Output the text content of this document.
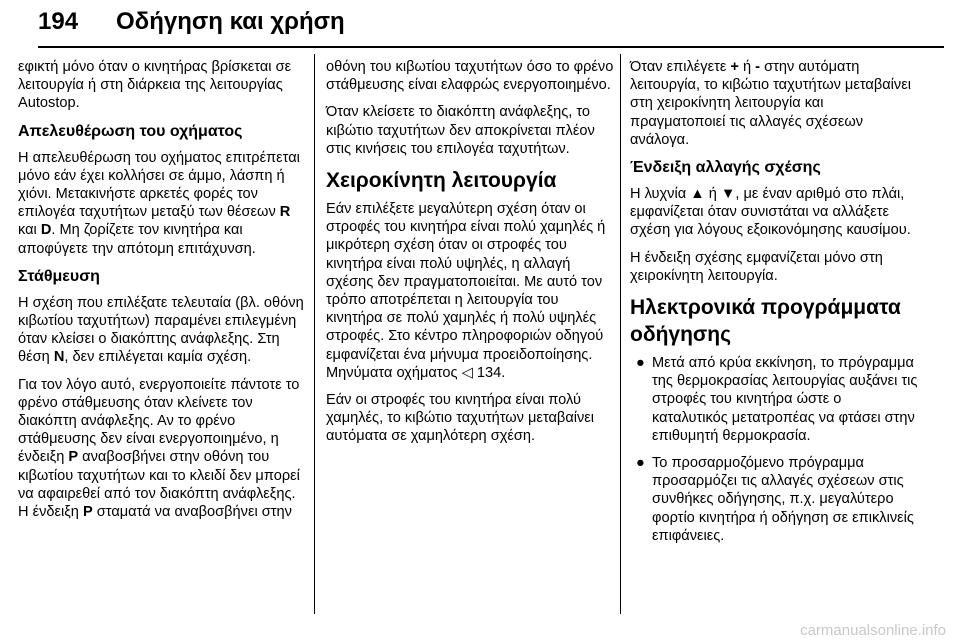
194 Οδήγηση και χρήση

εφικτή μόνο όταν ο κινητήρας βρίσκεται σε λειτουργία ή στη διάρκεια της λειτουργίας Autostop.

Απελευθέρωση του οχήματος

Η απελευθέρωση του οχήματος επιτρέπεται μόνο εάν έχει κολλήσει σε άμμο, λάσπη ή χιόνι. Μετακινήστε αρκετές φορές τον επιλογέα ταχυτήτων μεταξύ των θέσεων R και D. Μη ζορίζετε τον κινητήρα και αποφύγετε την απότομη επιτάχυνση.

Στάθμευση

Η σχέση που επιλέξατε τελευταία (βλ. οθόνη κιβωτίου ταχυτήτων) παραμένει επιλεγμένη όταν κλείσει ο διακόπτης ανάφλεξης. Στη θέση N, δεν επιλέγεται καμία σχέση.

Για τον λόγο αυτό, ενεργοποιείτε πάντοτε το φρένο στάθμευσης όταν κλείνετε τον διακόπτη ανάφλεξης. Αν το φρένο στάθμευσης δεν είναι ενεργοποιημένο, η ένδειξη P αναβοσβήνει στην οθόνη του κιβωτίου ταχυτήτων και το κλειδί δεν μπορεί να αφαιρεθεί από τον διακόπτη ανάφλεξης. Η ένδειξη P σταματά να αναβοσβήνει στην

οθόνη του κιβωτίου ταχυτήτων όσο το φρένο στάθμευσης είναι ελαφρώς ενεργοποιημένο.

Όταν κλείσετε το διακόπτη ανάφλεξης, το κιβώτιο ταχυτήτων δεν αποκρίνεται πλέον στις κινήσεις του επιλογέα ταχυτήτων.

Χειροκίνητη λειτουργία

Εάν επιλέξετε μεγαλύτερη σχέση όταν οι στροφές του κινητήρα είναι πολύ χαμηλές ή μικρότερη σχέση όταν οι στροφές του κινητήρα είναι πολύ υψηλές, η αλλαγή σχέσης δεν πραγματοποιείται. Με αυτό τον τρόπο αποτρέπεται η λειτουργία του κινητήρα σε πολύ χαμηλές ή πολύ υψηλές στροφές. Στο κέντρο πληροφοριών οδηγού εμφανίζεται ένα μήνυμα προειδοποίησης. Μηνύματα οχήματος ◁ 134.

Εάν οι στροφές του κινητήρα είναι πολύ χαμηλές, το κιβώτιο ταχυτήτων μεταβαίνει αυτόματα σε χαμηλότερη σχέση.

Όταν επιλέγετε + ή - στην αυτόματη λειτουργία, το κιβώτιο ταχυτήτων μεταβαίνει στη χειροκίνητη λειτουργία και πραγματοποιεί τις αλλαγές σχέσεων ανάλογα.

Ένδειξη αλλαγής σχέσης

Η λυχνία ▲ ή ▼, με έναν αριθμό στο πλάι, εμφανίζεται όταν συνιστάται να αλλάξετε σχέση για λόγους εξοικονόμησης καυσίμου.

Η ένδειξη σχέσης εμφανίζεται μόνο στη χειροκίνητη λειτουργία.

Ηλεκτρονικά προγράμματα οδήγησης
● Μετά από κρύα εκκίνηση, το πρόγραμμα της θερμοκρασίας λειτουργίας αυξάνει τις στροφές του κινητήρα ώστε ο καταλυτικός μετατροπέας να φτάσει στην επιθυμητή θερμοκρασία.
● Το προσαρμοζόμενο πρόγραμμα προσαρμόζει τις αλλαγές σχέσεων στις συνθήκες οδήγησης, π.χ. μεγαλύτερο φορτίο κινητήρα ή οδήγηση σε επικλινείς επιφάνειες.
carmanualsonline.info
